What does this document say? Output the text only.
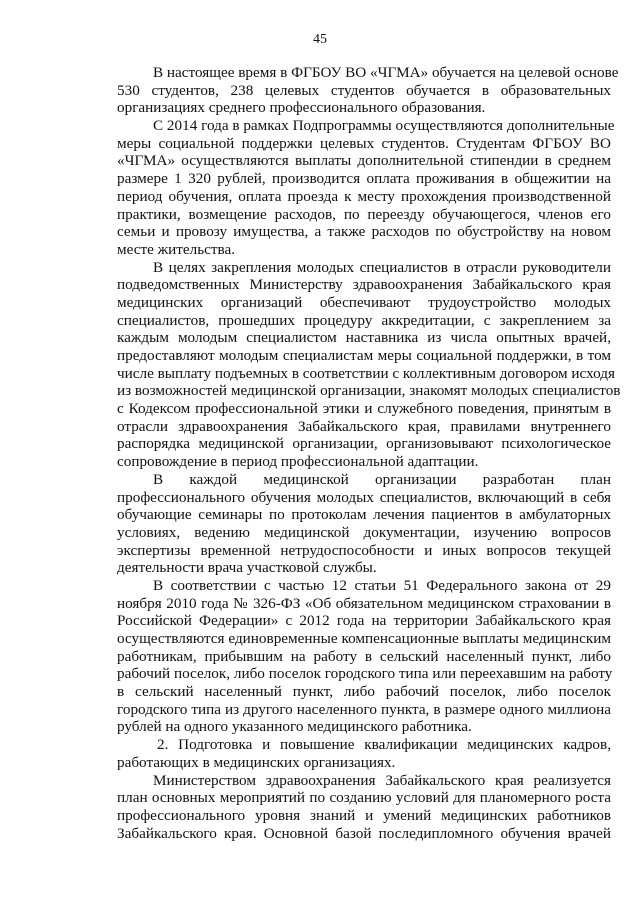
45
В настоящее время в ФГБОУ ВО «ЧГМА» обучается на целевой основе
530 студентов, 238 целевых студентов обучается в образовательных
организациях среднего профессионального образования.
С 2014 года в рамках Подпрограммы осуществляются дополнительные
меры социальной поддержки целевых студентов. Студентам ФГБОУ ВО
«ЧГМА» осуществляются выплаты дополнительной стипендии в среднем
размере 1 320 рублей, производится оплата проживания в общежитии на
период обучения, оплата проезда к месту прохождения производственной
практики, возмещение расходов, по переезду обучающегося, членов его
семьи и провозу имущества, а также расходов по обустройству на новом
месте жительства.
В целях закрепления молодых специалистов в отрасли руководители
подведомственных Министерству здравоохранения Забайкальского края
медицинских организаций обеспечивают трудоустройство молодых
специалистов, прошедших процедуру аккредитации, с закреплением за
каждым молодым специалистом наставника из числа опытных врачей,
предоставляют молодым специалистам меры социальной поддержки, в том
числе выплату подъемных в соответствии с коллективным договором исходя
из возможностей медицинской организации, знакомят молодых специалистов
с Кодексом профессиональной этики и служебного поведения, принятым в
отрасли здравоохранения Забайкальского края, правилами внутреннего
распорядка медицинской организации, организовывают психологическое
сопровождение в период профессиональной адаптации.
В каждой медицинской организации разработан план
профессионального обучения молодых специалистов, включающий в себя
обучающие семинары по протоколам лечения пациентов в амбулаторных
условиях, ведению медицинской документации, изучению вопросов
экспертизы временной нетрудоспособности и иных вопросов текущей
деятельности врача участковой службы.
В соответствии с частью 12 статьи 51 Федерального закона от 29
ноября 2010 года № 326-ФЗ «Об обязательном медицинском страховании в
Российской Федерации» с 2012 года на территории Забайкальского края
осуществляются единовременные компенсационные выплаты медицинским
работникам, прибывшим на работу в сельский населенный пункт, либо
рабочий поселок, либо поселок городского типа или переехавшим на работу
в сельский населенный пункт, либо рабочий поселок, либо поселок
городского типа из другого населенного пункта, в размере одного миллиона
рублей на одного указанного медицинского работника.
2. Подготовка и повышение квалификации медицинских кадров,
работающих в медицинских организациях.
Министерством здравоохранения Забайкальского края реализуется
план основных мероприятий по созданию условий для планомерного роста
профессионального уровня знаний и умений медицинских работников
Забайкальского края. Основной базой последипломного обучения врачей
